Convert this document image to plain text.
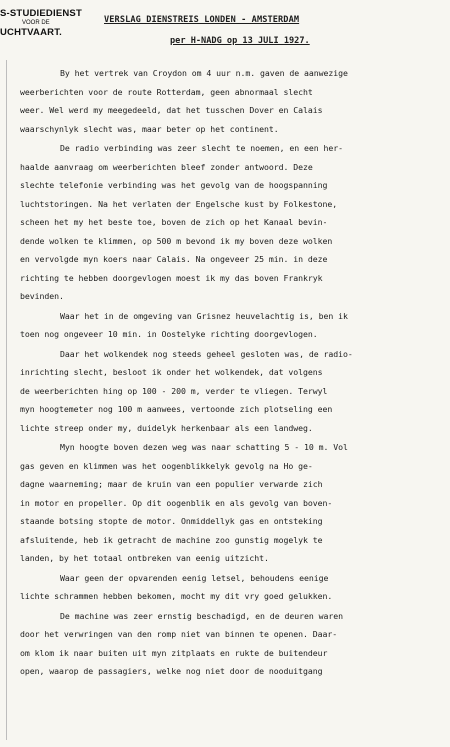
S-STUDIEDIENST
VOOR DE
UCHTVAART.
VERSLAG DIENSTREIS LONDEN - AMSTERDAM
per H-NADG op 13 JULI 1927.
By het vertrek van Croydon om 4 uur n.m. gaven de aanwezige
weerberichten voor de route Rotterdam, geen abnormaal slecht
weer. Wel werd my meegedeeld, dat het tusschen Dover en Calais
waarschynlyk slecht was, maar beter op het continent.
De radio verbinding was zeer slecht te noemen, en een her-
haalde aanvraag om weerberichten bleef zonder antwoord. Deze
slechte telefonie verbinding was het gevolg van de hoogspanning
luchtstoringen. Na het verlaten der Engelsche kust by Folkestone,
scheen het my het beste toe, boven de zich op het Kanaal bevin-
dende wolken te klimmen, op 500 m bevond ik my boven deze wolken
en vervolgde myn koers naar Calais. Na ongeveer 25 min. in deze
richting te hebben doorgevlogen moest ik my das boven Frankryk
bevinden.
Waar het in de omgeving van Grisnez heuvelachtig is, ben ik
toen nog ongeveer 10 min. in Oostelyke richting doorgevlogen.
Daar het wolkendek nog steeds geheel gesloten was, de radio-
inrichting slecht, besloot ik onder het wolkendek, dat volgens
de weerberichten hing op 100 - 200 m, verder te vliegen. Terwyl
myn hoogtemeter nog 100 m aanwees, vertoonde zich plotseling een
lichte streep onder my, duidelyk herkenbaar als een landweg.
Myn hoogte boven dezen weg was naar schatting 5 - 10 m. Vol
gas geven en klimmen was het oogenblikkelyk gevolg na Ho ge-
dagne waarneming; maar de kruin van een populier verwarde zich
in motor en propeller. Op dit oogenblik en als gevolg van boven-
staande botsing stopte de motor. Onmiddellyk gas en ontsteking
afsluitende, heb ik getracht de machine zoo gunstig mogelyk te
landen, by het totaal ontbreken van eenig uitzicht.
Waar geen der opvarenden eenig letsel, behoudens eenige
lichte schrammen hebben bekomen, mocht my dit vry goed gelukken.
De machine was zeer ernstig beschadigd, en de deuren waren
door het verwringen van den romp niet van binnen te openen. Daar-
om klom ik naar buiten uit myn zitplaats en rukte de buitendeur
open, waarop de passagiers, welke nog niet door de nooduitgang
